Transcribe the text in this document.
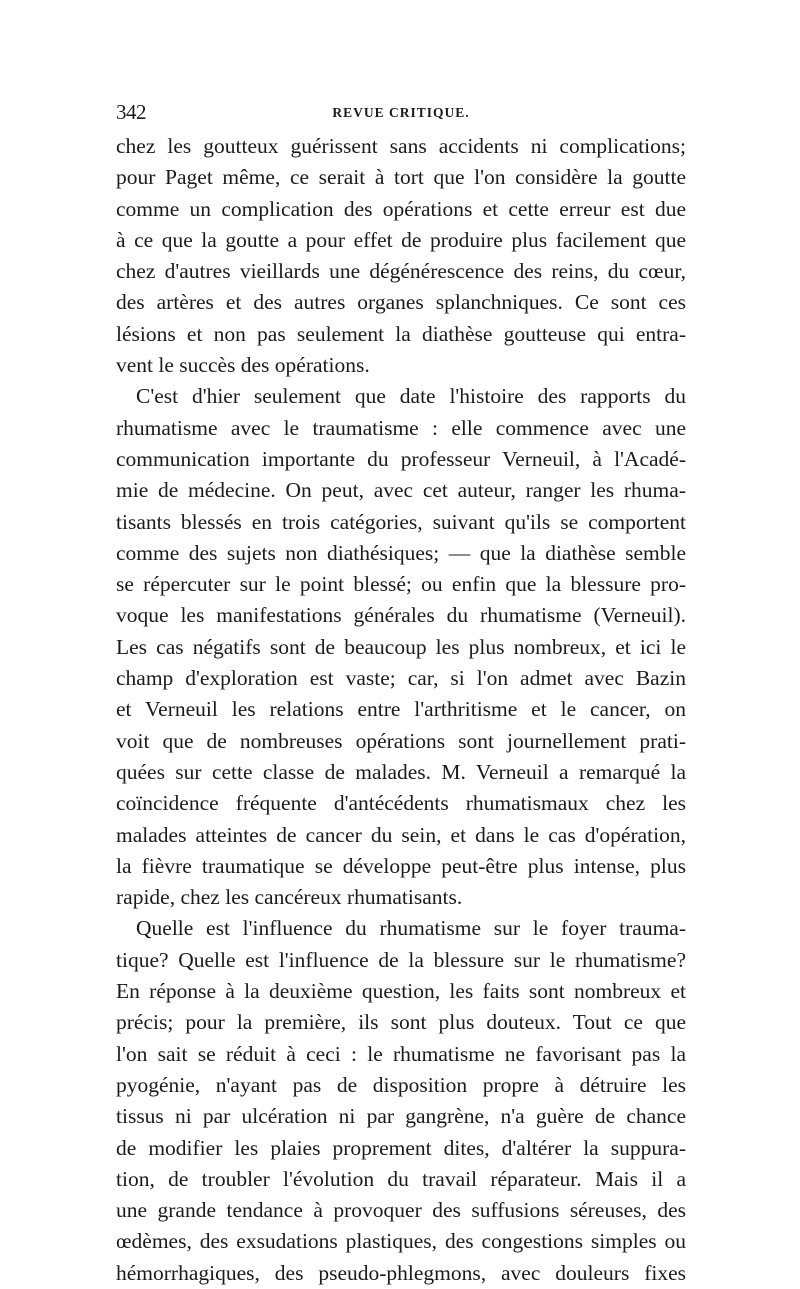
342	REVUE CRITIQUE.
chez les goutteux guérissent sans accidents ni complications;
pour Paget même, ce serait à tort que l'on considère la goutte
comme un complication des opérations et cette erreur est due
à ce que la goutte a pour effet de produire plus facilement que
chez d'autres vieillards une dégénérescence des reins, du cœur,
des artères et des autres organes splanchniques. Ce sont ces
lésions et non pas seulement la diathèse goutteuse qui entra-
vent le succès des opérations.
C'est d'hier seulement que date l'histoire des rapports du
rhumatisme avec le traumatisme : elle commence avec une
communication importante du professeur Verneuil, à l'Acadé-
mie de médecine. On peut, avec cet auteur, ranger les rhuma-
tisants blessés en trois catégories, suivant qu'ils se comportent
comme des sujets non diathésiques; — que la diathèse semble
se répercuter sur le point blessé; ou enfin que la blessure pro-
voque les manifestations générales du rhumatisme (Verneuil).
Les cas négatifs sont de beaucoup les plus nombreux, et ici le
champ d'exploration est vaste; car, si l'on admet avec Bazin
et Verneuil les relations entre l'arthritisme et le cancer, on
voit que de nombreuses opérations sont journellement prati-
quées sur cette classe de malades. M. Verneuil a remarqué la
coïncidence fréquente d'antécédents rhumatismaux chez les
malades atteintes de cancer du sein, et dans le cas d'opération,
la fièvre traumatique se développe peut-être plus intense, plus
rapide, chez les cancéreux rhumatisants.
Quelle est l'influence du rhumatisme sur le foyer trauma-
tique? Quelle est l'influence de la blessure sur le rhumatisme?
En réponse à la deuxième question, les faits sont nombreux et
précis; pour la première, ils sont plus douteux. Tout ce que
l'on sait se réduit à ceci : le rhumatisme ne favorisant pas la
pyogénie, n'ayant pas de disposition propre à détruire les
tissus ni par ulcération ni par gangrène, n'a guère de chance
de modifier les plaies proprement dites, d'altérer la suppura-
tion, de troubler l'évolution du travail réparateur. Mais il a
une grande tendance à provoquer des suffusions séreuses, des
œdèmes, des exsudations plastiques, des congestions simples ou
hémorrhagiques, des pseudo-phlegmons, avec douleurs fixes
